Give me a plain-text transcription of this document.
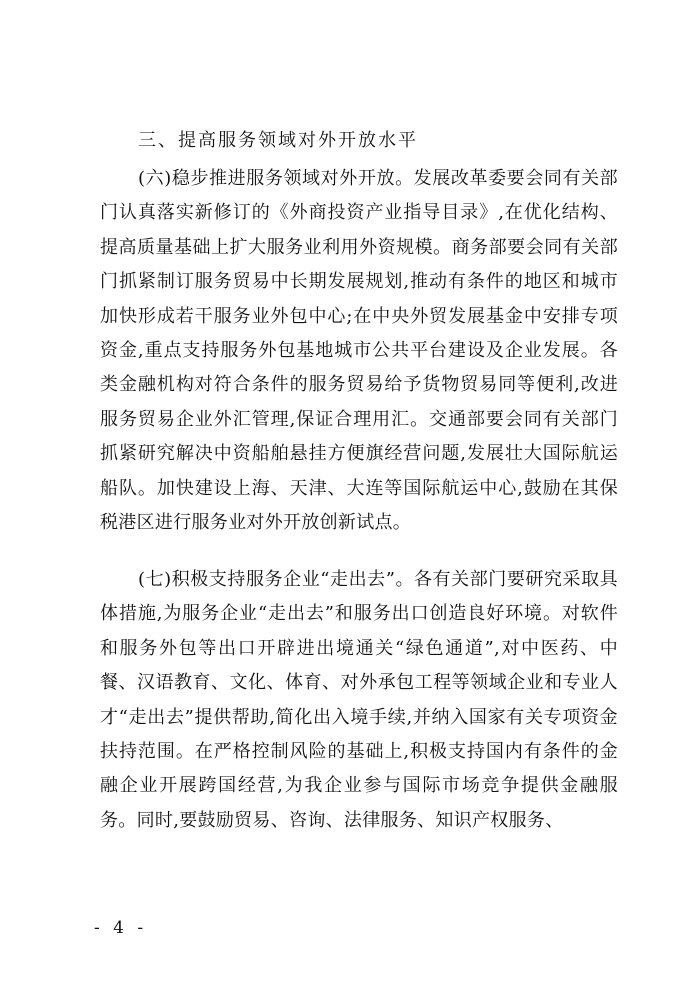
三、提高服务领域对外开放水平

(六)稳步推进服务领域对外开放。发展改革委要会同有关部门认真落实新修订的《外商投资产业指导目录》,在优化结构、提高质量基础上扩大服务业利用外资规模。商务部要会同有关部门抓紧制订服务贸易中长期发展规划,推动有条件的地区和城市加快形成若干服务业外包中心;在中央外贸发展基金中安排专项资金,重点支持服务外包基地城市公共平台建设及企业发展。各类金融机构对符合条件的服务贸易给予货物贸易同等便利,改进服务贸易企业外汇管理,保证合理用汇。交通部要会同有关部门抓紧研究解决中资船舶悬挂方便旗经营问题,发展壮大国际航运船队。加快建设上海、天津、大连等国际航运中心,鼓励在其保税港区进行服务业对外开放创新试点。

(七)积极支持服务企业“走出去”。各有关部门要研究采取具体措施,为服务企业“走出去”和服务出口创造良好环境。对软件和服务外包等出口开辟进出境通关“绿色通道”,对中医药、中餐、汉语教育、文化、体育、对外承包工程等领域企业和专业人才“走出去”提供帮助,简化出入境手续,并纳入国家有关专项资金扶持范围。在严格控制风险的基础上,积极支持国内有条件的金融企业开展跨国经营,为我企业参与国际市场竞争提供金融服务。同时,要鼓励贸易、咨询、法律服务、知识产权服务、

- 4 -
